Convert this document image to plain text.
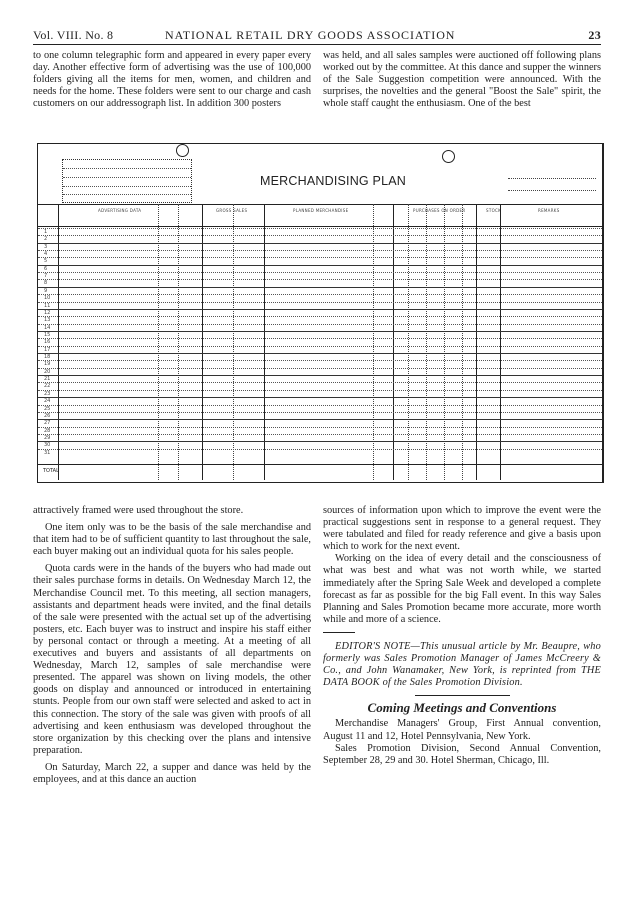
Vol. VIII. No. 8	NATIONAL RETAIL DRY GOODS ASSOCIATION	23

to one column telegraphic form and appeared in every paper every day. Another effective form of advertising was the use of 100,000 folders giving all the items for men, women, and children and needs for the home. These folders were sent to our charge and cash customers on our addressograph list. In addition 300 posters

was held, and all sales samples were auctioned off following plans worked out by the committee. At this dance and supper the winners of the Sale Suggestion competition were announced. With the surprises, the novelties and the general "Boost the Sale" spirit, the whole staff caught the enthusiasm. One of the best

MERCHANDISING PLAN
ADVERTISING DATA	GROSS SALES	PLANNED MERCHANDISE	PURCHASES ON ORDER	STOCK	REMARKS
1
2
3
4
5
6
7
8
9
10
11
12
13
14
15
16
17
18
19
20
21
22
23
24
25
26
27
28
29
30
31
TOTAL

attractively framed were used throughout the store.

One item only was to be the basis of the sale merchandise and that item had to be of sufficient quantity to last throughout the sale, each buyer making out an individual quota for his sales people.

Quota cards were in the hands of the buyers who had made out their sales purchase forms in details. On Wednesday March 12, the Merchandise Council met. To this meeting, all section managers, assistants and department heads were invited, and the final details of the sale were presented with the actual set up of the advertising posters, etc. Each buyer was to instruct and inspire his staff either by personal contact or through a meeting. At a meeting of all executives and buyers and assistants of all departments on Wednesday, March 12, samples of sale merchandise were presented. The apparel was shown on living models, the other goods on display and announced or introduced in entertaining stunts. People from our own staff were selected and asked to act in this connection. The story of the sale was given with proofs of all advertising and keen enthusiasm was developed throughout the store organization by this checking over the plans and intensive preparation.

On Saturday, March 22, a supper and dance was held by the employees, and at this dance an auction

sources of information upon which to improve the event were the practical suggestions sent in response to a general request. They were tabulated and filed for ready reference and give a basis upon which to work for the next event.

Working on the idea of every detail and the consciousness of what was best and what was not worth while, we started immediately after the Spring Sale Week and developed a complete forecast as far as possible for the big Fall event. In this way Sales Planning and Sales Promotion became more accurate, more worth while and more of a science.

EDITOR'S NOTE—This unusual article by Mr. Beaupre, who formerly was Sales Promotion Manager of James McCreery & Co., and John Wanamaker, New York, is reprinted from THE DATA BOOK of the Sales Promotion Division.

Coming Meetings and Conventions

Merchandise Managers' Group, First Annual convention, August 11 and 12, Hotel Pennsylvania, New York.

Sales Promotion Division, Second Annual Convention, September 28, 29 and 30. Hotel Sherman, Chicago, Ill.
